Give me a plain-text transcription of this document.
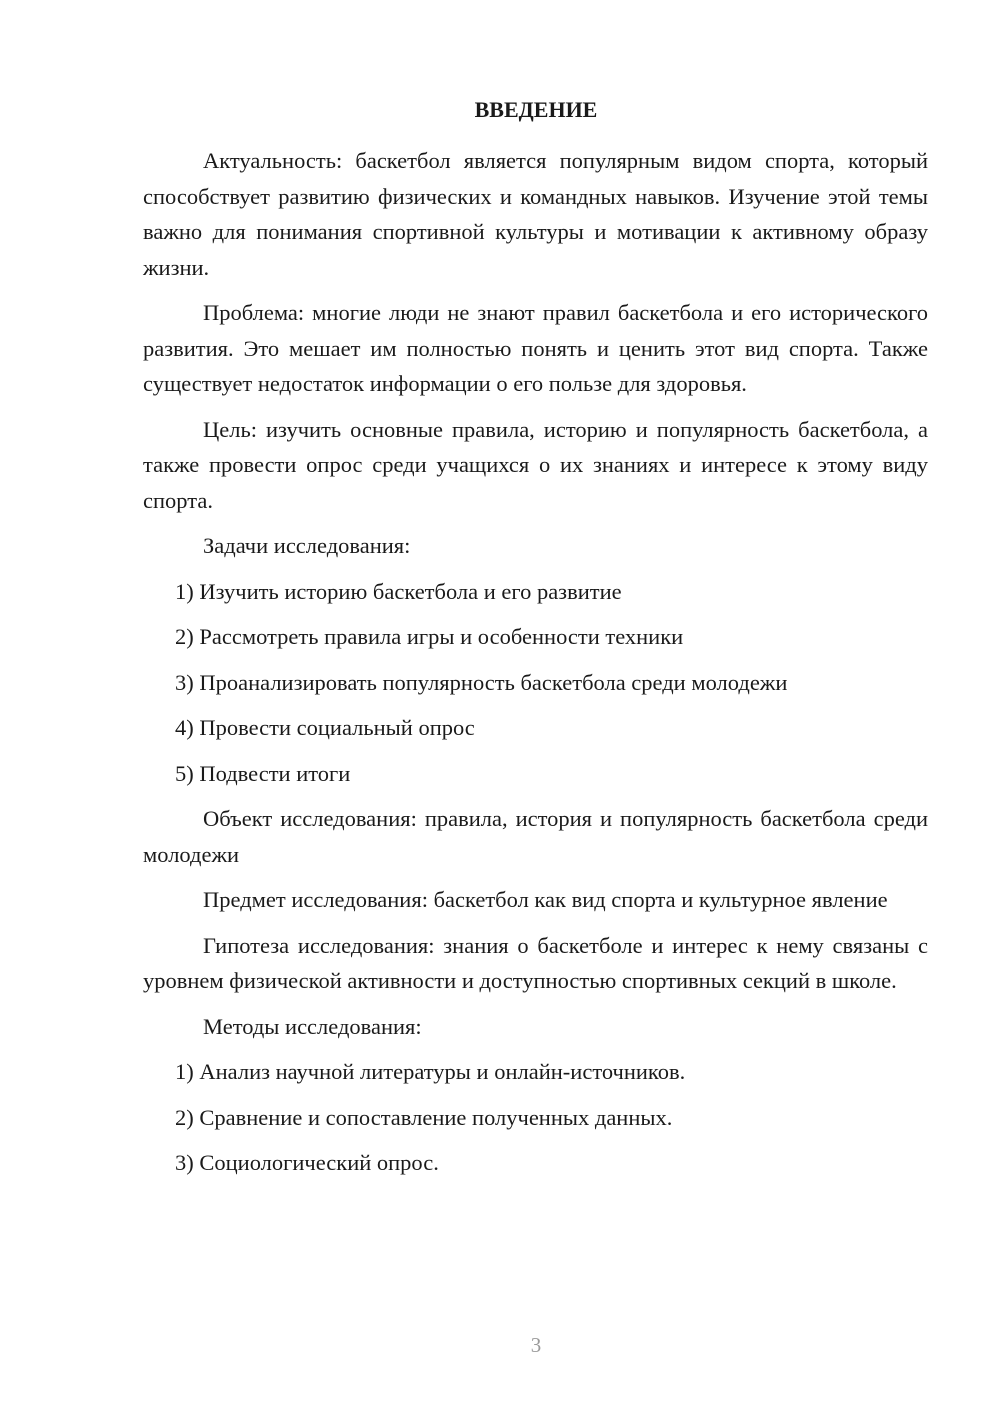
ВВЕДЕНИЕ

Актуальность: баскетбол является популярным видом спорта, который способствует развитию физических и командных навыков. Изучение этой темы важно для понимания спортивной культуры и мотивации к активному образу жизни.

Проблема: многие люди не знают правил баскетбола и его исторического развития. Это мешает им полностью понять и ценить этот вид спорта. Также существует недостаток информации о его пользе для здоровья.

Цель: изучить основные правила, историю и популярность баскетбола, а также провести опрос среди учащихся о их знаниях и интересе к этому виду спорта.

Задачи исследования:

1) Изучить историю баскетбола и его развитие
2) Рассмотреть правила игры и особенности техники
3) Проанализировать популярность баскетбола среди молодежи
4) Провести социальный опрос
5) Подвести итоги

Объект исследования: правила, история и популярность баскетбола среди молодежи

Предмет исследования: баскетбол как вид спорта и культурное явление

Гипотеза исследования: знания о баскетболе и интерес к нему связаны с уровнем физической активности и доступностью спортивных секций в школе.

Методы исследования:

1) Анализ научной литературы и онлайн-источников.
2) Сравнение и сопоставление полученных данных.
3) Социологический опрос.
3
